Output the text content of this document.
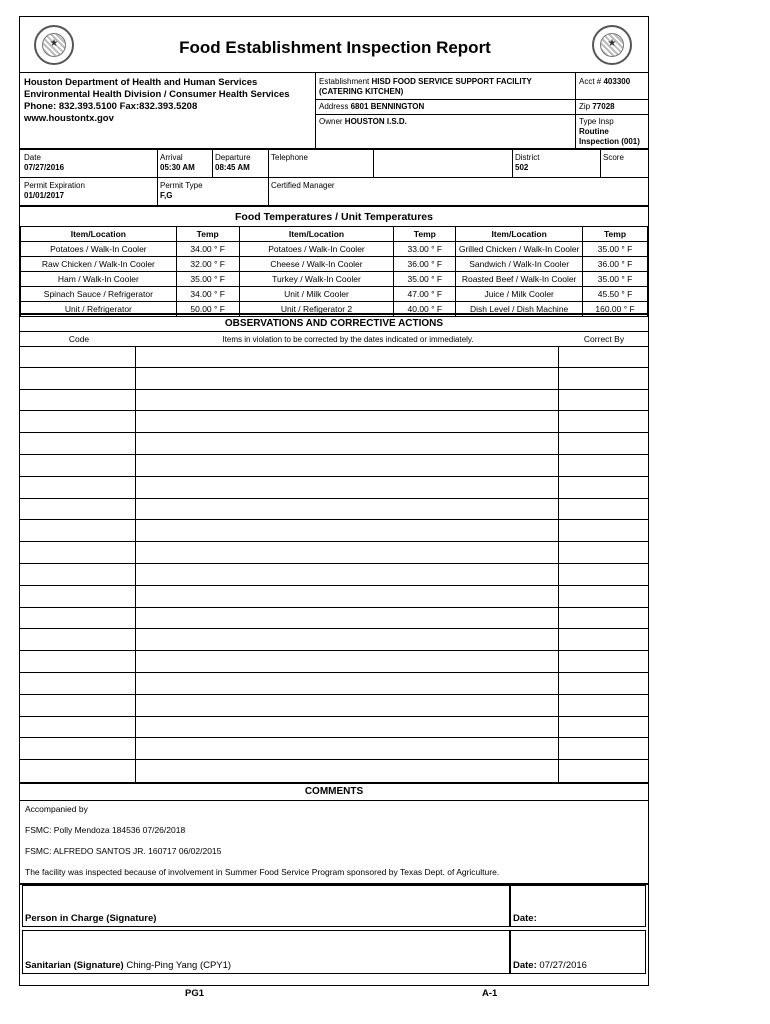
★	★
Food Establishment Inspection Report
Houston Department of Health and Human Services
Environmental Health Division / Consumer Health Services
Phone: 832.393.5100 Fax:832.393.5208
www.houstontx.gov
Establishment HISD FOOD SERVICE SUPPORT FACILITY
(CATERING KITCHEN)
Acct # 403300
Address 6801 BENNINGTON	Zip 77028
Owner HOUSTON I.S.D.	Type Insp
Routine
Inspection (001)
Date
07/27/2016
Arrival
05:30 AM
Departure
08:45 AM
Telephone	District
502
Score
Permit Expiration
01/01/2017
Permit Type
F,G
Certified Manager
Food Temperatures / Unit Temperatures
Item/Location	Temp	Item/Location	Temp	Item/Location	Temp
Potatoes / Walk-In Cooler	34.00 ° F	Potatoes / Walk-In Cooler	33.00 ° F	Grilled Chicken / Walk-In Cooler	35.00 ° F
Raw Chicken / Walk-In Cooler	32.00 ° F	Cheese / Walk-In Cooler	36.00 ° F	Sandwich / Walk-In Cooler	36.00 ° F
Ham / Walk-In Cooler	35.00 ° F	Turkey / Walk-In Cooler	35.00 ° F	Roasted Beef / Walk-In Cooler	35.00 ° F
Spinach Sauce / Refrigerator	34.00 ° F	Unit / Milk Cooler	47.00 ° F	Juice / Milk Cooler	45.50 ° F
Unit / Refrigerator	50.00 ° F	Unit / Refigerator 2	40.00 ° F	Dish Level / Dish Machine	160.00 ° F
OBSERVATIONS AND CORRECTIVE ACTIONS
Code	Items in violation to be corrected by the dates indicated or immediately.	Correct By
COMMENTS
Accompanied by
FSMC: Polly Mendoza 184536 07/26/2018
FSMC: ALFREDO SANTOS JR. 160717 06/02/2015
The facility was inspected because of involvement in Summer Food Service Program sponsored by Texas Dept. of Agriculture.
Person in Charge (Signature)	Date:
Sanitarian (Signature) Ching-Ping Yang (CPY1)	Date: 07/27/2016
PG1	A-1
